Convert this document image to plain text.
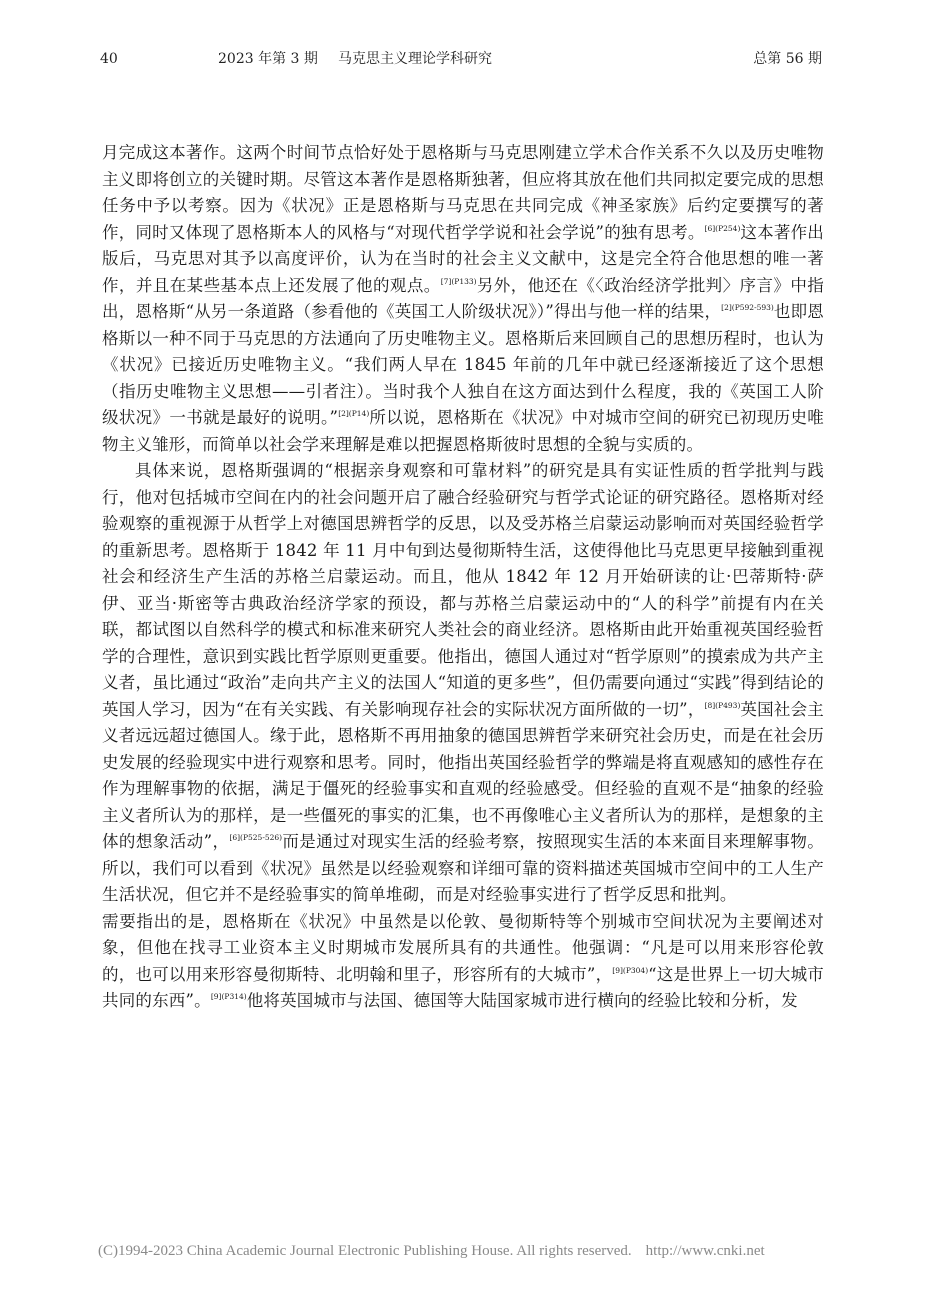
40	2023 年第 3 期 马克思主义理论学科研究	总第 56 期

月完成这本著作。这两个时间节点恰好处于恩格斯与马克思刚建立学术合作关系不久以及历史唯物主义即将创立的关键时期。尽管这本著作是恩格斯独著，但应将其放在他们共同拟定要完成的思想任务中予以考察。因为《状况》正是恩格斯与马克思在共同完成《神圣家族》后约定要撰写的著作，同时又体现了恩格斯本人的风格与“对现代哲学学说和社会学说”的独有思考。$^{[6](P254)}$这本著作出版后，马克思对其予以高度评价，认为在当时的社会主义文献中，这是完全符合他思想的唯一著作，并且在某些基本点上还发展了他的观点。$^{[7](P133)}$另外，他还在《〈政治经济学批判〉序言》中指出，恩格斯“从另一条道路（参看他的《英国工人阶级状况》）”得出与他一样的结果，$^{[2](P592-593)}$也即恩格斯以一种不同于马克思的方法通向了历史唯物主义。恩格斯后来回顾自己的思想历程时，也认为《状况》已接近历史唯物主义。“我们两人早在 1845 年前的几年中就已经逐渐接近了这个思想（指历史唯物主义思想——引者注）。当时我个人独自在这方面达到什么程度，我的《英国工人阶级状况》一书就是最好的说明。”$^{[2](P14)}$所以说，恩格斯在《状况》中对城市空间的研究已初现历史唯物主义雏形，而简单以社会学来理解是难以把握恩格斯彼时思想的全貌与实质的。

具体来说，恩格斯强调的“根据亲身观察和可靠材料”的研究是具有实证性质的哲学批判与践行，他对包括城市空间在内的社会问题开启了融合经验研究与哲学式论证的研究路径。恩格斯对经验观察的重视源于从哲学上对德国思辨哲学的反思，以及受苏格兰启蒙运动影响而对英国经验哲学的重新思考。恩格斯于 1842 年 11 月中旬到达曼彻斯特生活，这使得他比马克思更早接触到重视社会和经济生产生活的苏格兰启蒙运动。而且，他从 1842 年 12 月开始研读的让·巴蒂斯特·萨伊、亚当·斯密等古典政治经济学家的预设，都与苏格兰启蒙运动中的“人的科学”前提有内在关联，都试图以自然科学的模式和标准来研究人类社会的商业经济。恩格斯由此开始重视英国经验哲学的合理性，意识到实践比哲学原则更重要。他指出，德国人通过对“哲学原则”的摸索成为共产主义者，虽比通过“政治”走向共产主义的法国人“知道的更多些”，但仍需要向通过“实践”得到结论的英国人学习，因为“在有关实践、有关影响现存社会的实际状况方面所做的一切”，$^{[8](P493)}$英国社会主义者远远超过德国人。缘于此，恩格斯不再用抽象的德国思辨哲学来研究社会历史，而是在社会历史发展的经验现实中进行观察和思考。同时，他指出英国经验哲学的弊端是将直观感知的感性存在作为理解事物的依据，满足于僵死的经验事实和直观的经验感受。但经验的直观不是“抽象的经验主义者所认为的那样，是一些僵死的事实的汇集，也不再像唯心主义者所认为的那样，是想象的主体的想象活动”，$^{[6](P525-526)}$而是通过对现实生活的经验考察，按照现实生活的本来面目来理解事物。所以，我们可以看到《状况》虽然是以经验观察和详细可靠的资料描述英国城市空间中的工人生产生活状况，但它并不是经验事实的简单堆砌，而是对经验事实进行了哲学反思和批判。

需要指出的是，恩格斯在《状况》中虽然是以伦敦、曼彻斯特等个别城市空间状况为主要阐述对象，但他在找寻工业资本主义时期城市发展所具有的共通性。他强调：“凡是可以用来形容伦敦的，也可以用来形容曼彻斯特、北明翰和里子，形容所有的大城市”，$^{[9](P304)}$“这是世界上一切大城市共同的东西”。$^{[9](P314)}$他将英国城市与法国、德国等大陆国家城市进行横向的经验比较和分析，发

(C)1994-2023 China Academic Journal Electronic Publishing House. All rights reserved. http://www.cnki.net
